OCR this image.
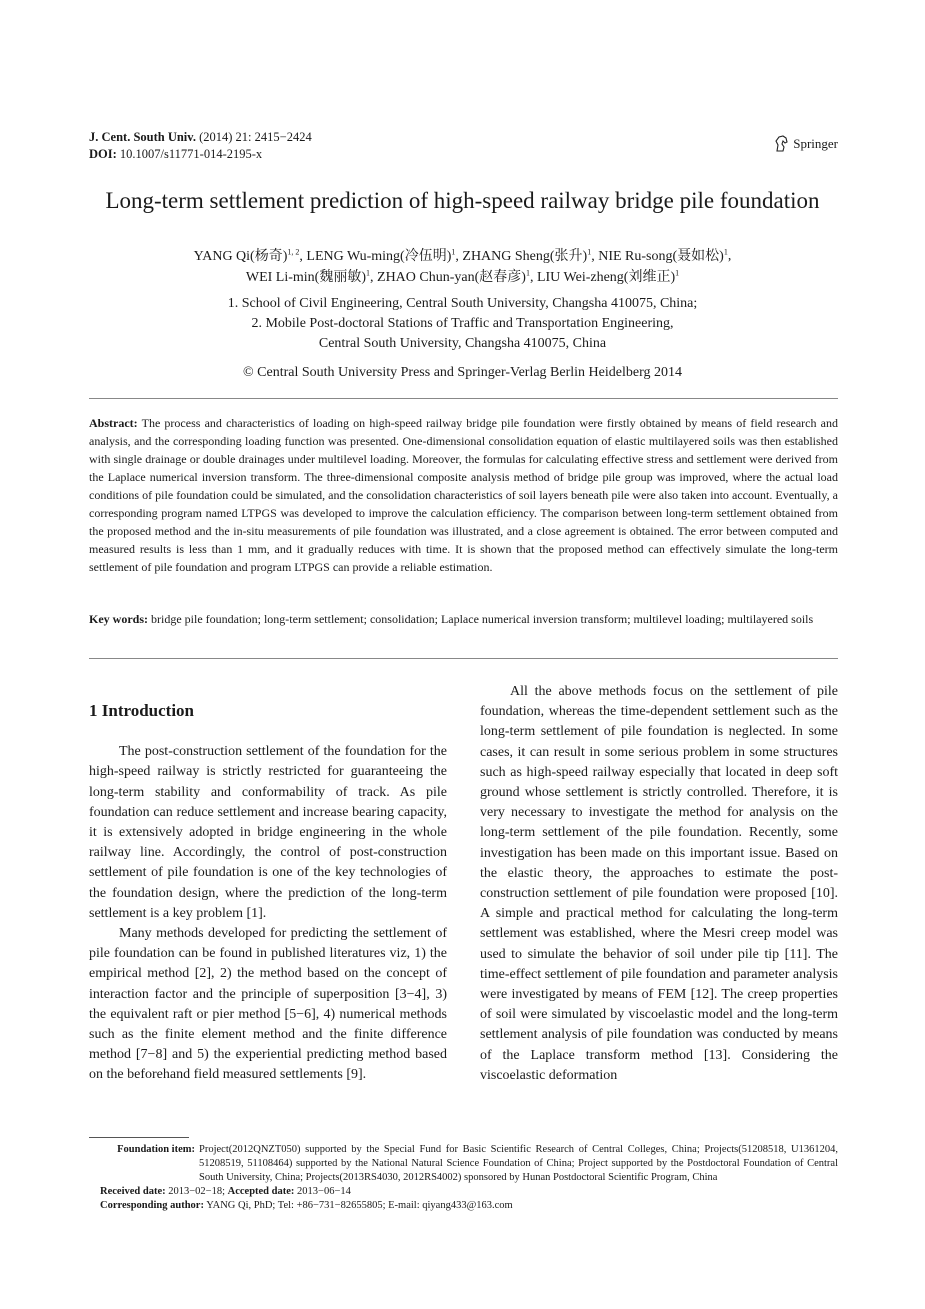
J. Cent. South Univ. (2014) 21: 2415−2424
DOI: 10.1007/s11771-014-2195-x
Springer
Long-term settlement prediction of high-speed railway bridge pile foundation
YANG Qi(杨奇)$^{1, 2}$, LENG Wu-ming(冷伍明)$^1$, ZHANG Sheng(张升)$^1$, NIE Ru-song(聂如松)$^1$,
WEI Li-min(魏丽敏)$^1$, ZHAO Chun-yan(赵春彦)$^1$, LIU Wei-zheng(刘维正)$^1$
1. School of Civil Engineering, Central South University, Changsha 410075, China;
2. Mobile Post-doctoral Stations of Traffic and Transportation Engineering,
Central South University, Changsha 410075, China
© Central South University Press and Springer-Verlag Berlin Heidelberg 2014
Abstract: The process and characteristics of loading on high-speed railway bridge pile foundation were firstly obtained by means of field research and analysis, and the corresponding loading function was presented. One-dimensional consolidation equation of elastic multilayered soils was then established with single drainage or double drainages under multilevel loading. Moreover, the formulas for calculating effective stress and settlement were derived from the Laplace numerical inversion transform. The three-dimensional composite analysis method of bridge pile group was improved, where the actual load conditions of pile foundation could be simulated, and the consolidation characteristics of soil layers beneath pile were also taken into account. Eventually, a corresponding program named LTPGS was developed to improve the calculation efficiency. The comparison between long-term settlement obtained from the proposed method and the in-situ measurements of pile foundation was illustrated, and a close agreement is obtained. The error between computed and measured results is less than 1 mm, and it gradually reduces with time. It is shown that the proposed method can effectively simulate the long-term settlement of pile foundation and program LTPGS can provide a reliable estimation.
Key words: bridge pile foundation; long-term settlement; consolidation; Laplace numerical inversion transform; multilevel loading; multilayered soils
1 Introduction

The post-construction settlement of the foundation for the high-speed railway is strictly restricted for guaranteeing the long-term stability and conformability of track. As pile foundation can reduce settlement and increase bearing capacity, it is extensively adopted in bridge engineering in the whole railway line. Accordingly, the control of post-construction settlement of pile foundation is one of the key technologies of the foundation design, where the prediction of the long-term settlement is a key problem [1].

Many methods developed for predicting the settlement of pile foundation can be found in published literatures viz, 1) the empirical method [2], 2) the method based on the concept of interaction factor and the principle of superposition [3−4], 3) the equivalent raft or pier method [5−6], 4) numerical methods such as the finite element method and the finite difference method [7−8] and 5) the experiential predicting method based on the beforehand field measured settlements [9].

All the above methods focus on the settlement of pile foundation, whereas the time-dependent settlement such as the long-term settlement of pile foundation is neglected. In some cases, it can result in some serious problem in some structures such as high-speed railway especially that located in deep soft ground whose settlement is strictly controlled. Therefore, it is very necessary to investigate the method for analysis on the long-term settlement of the pile foundation. Recently, some investigation has been made on this important issue. Based on the elastic theory, the approaches to estimate the post-construction settlement of pile foundation were proposed [10]. A simple and practical method for calculating the long-term settlement was established, where the Mesri creep model was used to simulate the behavior of soil under pile tip [11]. The time-effect settlement of pile foundation and parameter analysis were investigated by means of FEM [12]. The creep properties of soil were simulated by viscoelastic model and the long-term settlement analysis of pile foundation was conducted by means of the Laplace transform method [13]. Considering the viscoelastic deformation

Foundation item: Project(2012QNZT050) supported by the Special Fund for Basic Scientific Research of Central Colleges, China; Projects(51208518, U1361204, 51208519, 51108464) supported by the National Natural Science Foundation of China; Project supported by the Postdoctoral Foundation of Central South University, China; Projects(2013RS4030, 2012RS4002) sponsored by Hunan Postdoctoral Scientific Program, China
Received date: 2013−02−18; Accepted date: 2013−06−14
Corresponding author: YANG Qi, PhD; Tel: +86−731−82655805; E-mail: qiyang433@163.com
